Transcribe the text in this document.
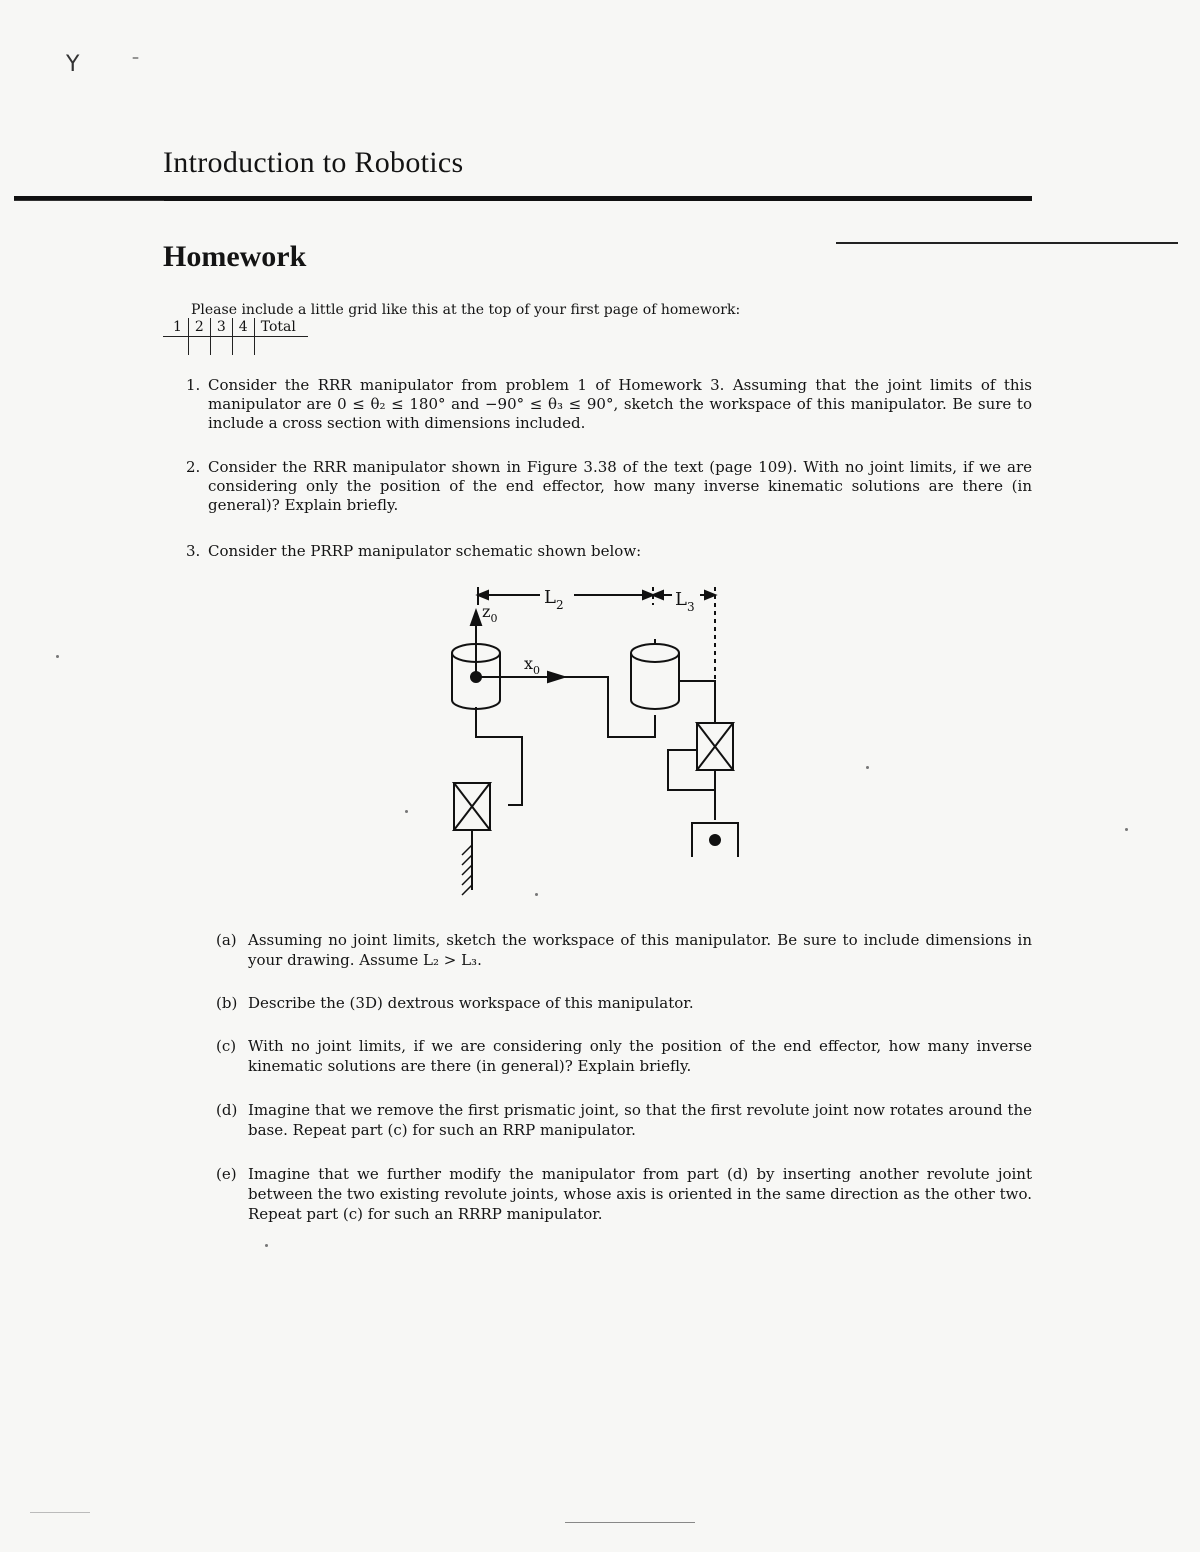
Y	–
Introduction to Robotics
Homework
Please include a little grid like this at the top of your first page of homework:
1	2	3	4	Total

1. Consider the RRR manipulator from problem 1 of Homework 3. Assuming that the joint limits of this manipulator are 0 ≤ θ₂ ≤ 180° and −90° ≤ θ₃ ≤ 90°, sketch the workspace of this manipulator. Be sure to include a cross section with dimensions included.
2. Consider the RRR manipulator shown in Figure 3.38 of the text (page 109). With no joint limits, if we are considering only the position of the end effector, how many inverse kinematic solutions are there (in general)? Explain briefly.
3. Consider the PRRP manipulator schematic shown below:
$L_2$	$L_3$
$z_0$
$x_0$
(a) Assuming no joint limits, sketch the workspace of this manipulator. Be sure to include dimensions in your drawing. Assume L₂ > L₃.
(b) Describe the (3D) dextrous workspace of this manipulator.
(c) With no joint limits, if we are considering only the position of the end effector, how many inverse kinematic solutions are there (in general)? Explain briefly.
(d) Imagine that we remove the first prismatic joint, so that the first revolute joint now rotates around the base. Repeat part (c) for such an RRP manipulator.
(e) Imagine that we further modify the manipulator from part (d) by inserting another revolute joint between the two existing revolute joints, whose axis is oriented in the same direction as the other two. Repeat part (c) for such an RRRP manipulator.
